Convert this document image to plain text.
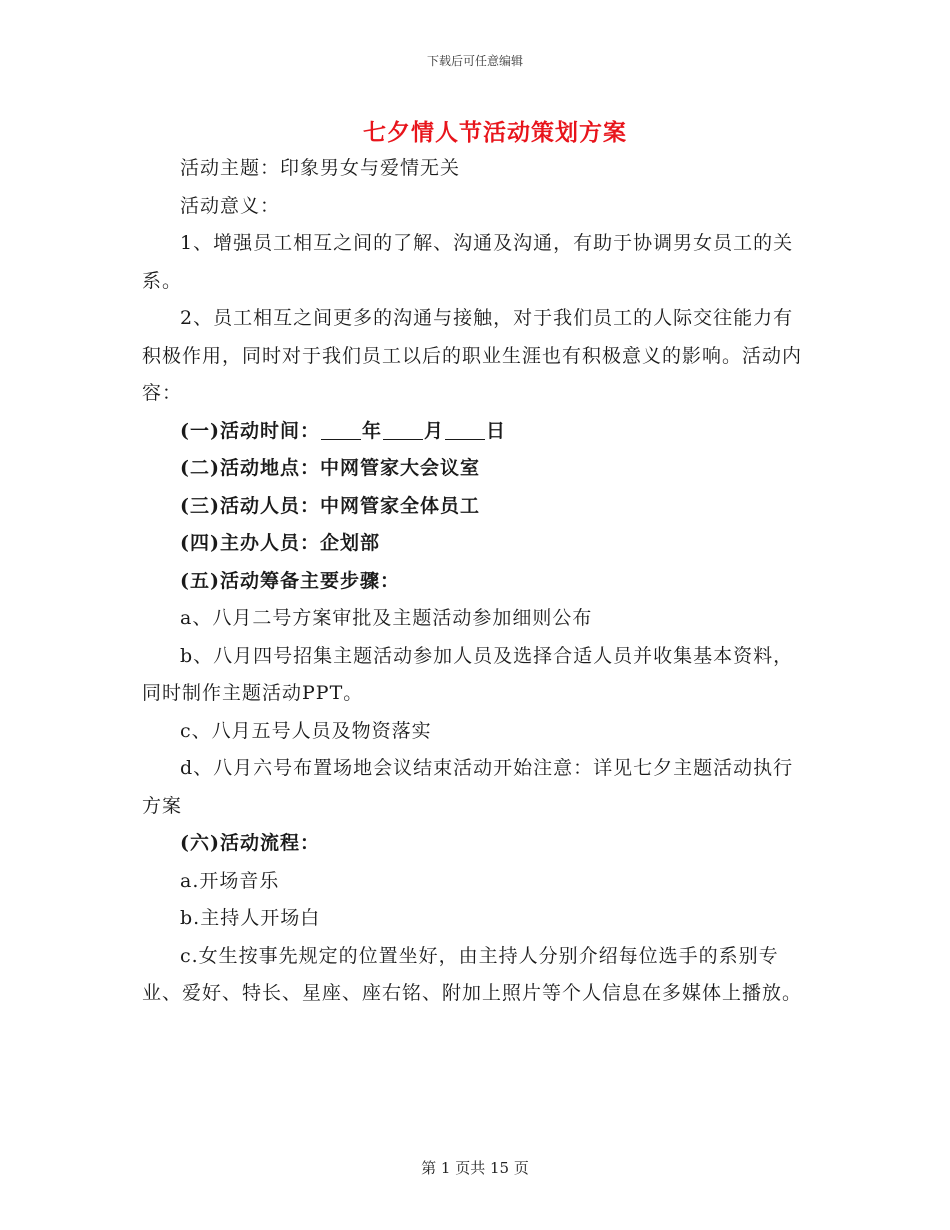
下载后可任意编辑
七夕情人节活动策划方案

活动主题：印象男女与爱情无关

活动意义：

1、增强员工相互之间的了解、沟通及沟通，有助于协调男女员工的关系。

2、员工相互之间更多的沟通与接触，对于我们员工的人际交往能力有积极作用，同时对于我们员工以后的职业生涯也有积极意义的影响。活动内容：

(一)活动时间： 年 月 日

(二)活动地点：中网管家大会议室

(三)活动人员：中网管家全体员工

(四)主办人员：企划部

(五)活动筹备主要步骤：

a、八月二号方案审批及主题活动参加细则公布

b、八月四号招集主题活动参加人员及选择合适人员并收集基本资料，同时制作主题活动PPT。

c、八月五号人员及物资落实

d、八月六号布置场地会议结束活动开始注意：详见七夕主题活动执行方案

(六)活动流程：

a.开场音乐

b.主持人开场白

c.女生按事先规定的位置坐好，由主持人分别介绍每位选手的系别专业、爱好、特长、星座、座右铭、附加上照片等个人信息在多媒体上播放。

第 1 页共 15 页
